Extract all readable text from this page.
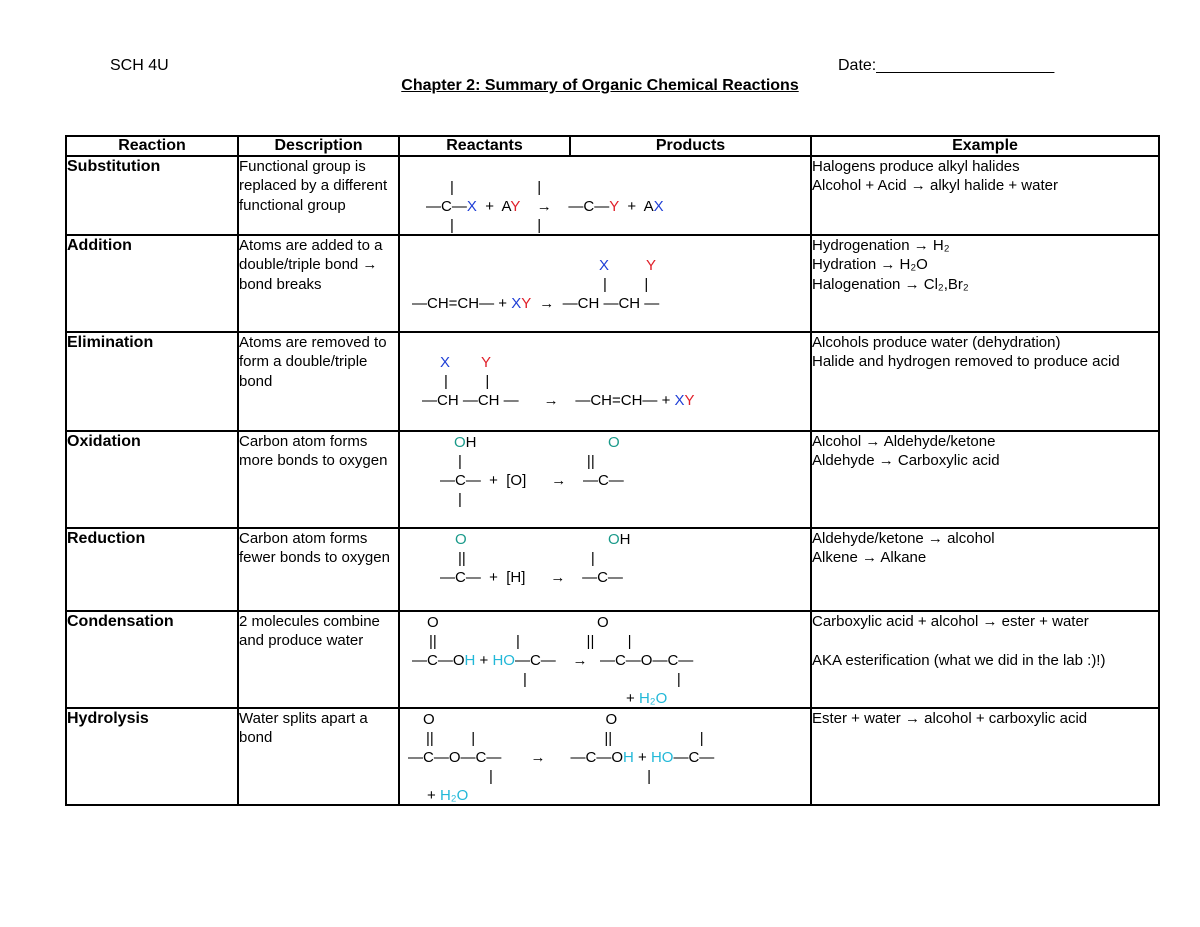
SCH 4U	Date:____________________
Chapter 2: Summary of Organic Chemical Reactions
Reaction	Description	Reactants	Products	Example
Substitution	Functional group is replaced by a different functional group	|                    |
—C—X  +  AY    →    —C—Y  +  AX
|                    |		Halogens produce alkyl halides
Alcohol + Acid → alkyl halide + water

Addition	Atoms are added to a double/triple bond → bond breaks	X Y
|         |
—CH=CH— + XY  →  —CH —CH —		Hydrogenation → H₂
Hydration → H₂O
Halogenation → Cl₂,Br₂

Elimination	Atoms are removed to form a double/triple bond	X Y
|         |
—CH —CH —      →    —CH=CH— + XY		Alcohols produce water (dehydration)
Halide and hydrogen removed to produce acid

Oxidation	Carbon atom forms more bonds to oxygen	OH O
|                              ||
—C—  +  [O]      →    —C—
|		Alcohol → Aldehyde/ketone
Aldehyde → Carboxylic acid

Reduction	Carbon atom forms fewer bonds to oxygen	O OH
||                              |
—C—  +  [H]      →    —C—		Aldehyde/ketone → alcohol
Alkene → Alkane

Condensation	2 molecules combine and produce water	O                                      O
||                   |                ||        |
—C—OH + HO—C—    →   —C—O—C—
|                                    |
+ H₂O		Carboxylic acid + alcohol → ester + water
AKA esterification (what we did in the lab :)!)

Hydrolysis	Water splits apart a bond	O                                         O
||         |                               ||                     |
—C—O—C—       →      —C—OH + HO—C—
|                                     |
+ H₂O		Ester + water → alcohol + carboxylic acid
